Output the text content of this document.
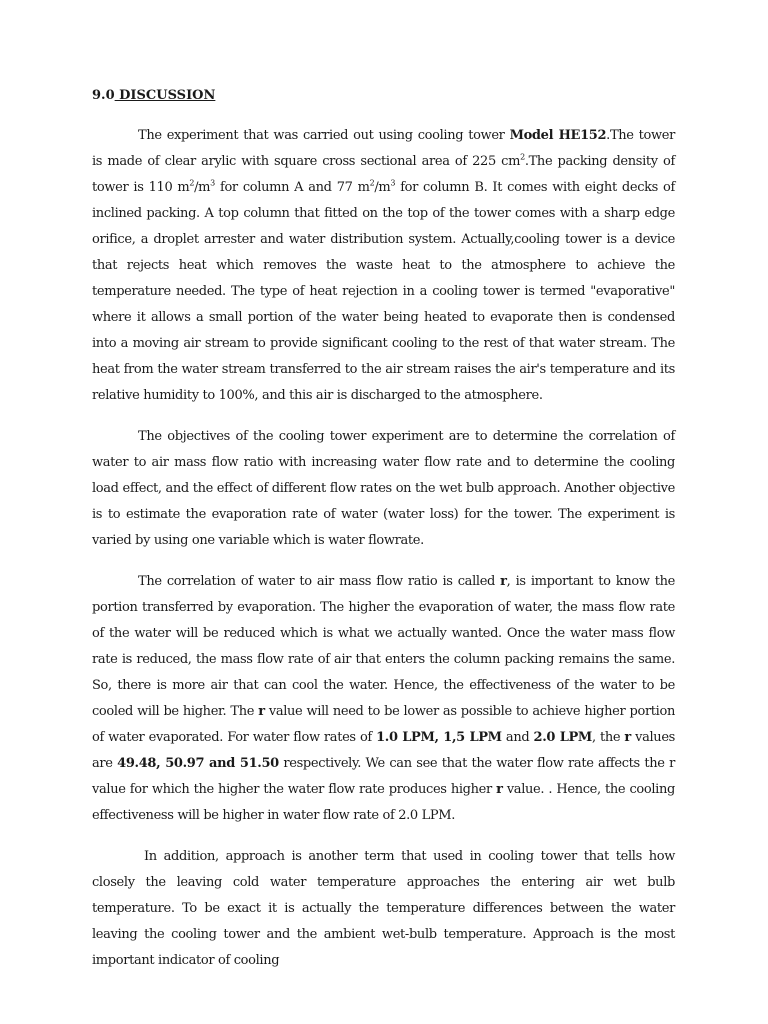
9.0 DISCUSSION

The experiment that was carried out using cooling tower Model HE152.The tower is made of clear arylic with square cross sectional area of 225 $cm^2.The$ packing density of tower is 110 $m^2/m^3$ for column A and 77 $m^2/m^3$ for column B. It comes with eight decks of inclined packing. A top column that fitted on the top of the tower comes with a sharp edge orifice, a droplet arrester and water distribution system. Actually,cooling tower is a device that rejects heat which removes the waste heat to the atmosphere to achieve the temperature needed. The type of heat rejection in a cooling tower is termed "evaporative" where it allows a small portion of the water being heated to evaporate then is condensed into a moving air stream to provide significant cooling to the rest of that water stream. The heat from the water stream transferred to the air stream raises the air's temperature and its relative humidity to 100%, and this air is discharged to the atmosphere.

The objectives of the cooling tower experiment are to determine the correlation of water to air mass flow ratio with increasing water flow rate and to determine the cooling load effect, and the effect of different flow rates on the wet bulb approach. Another objective is to estimate the evaporation rate of water (water loss) for the tower. The experiment is varied by using one variable which is water flowrate.

The correlation of water to air mass flow ratio is called r, is important to know the portion transferred by evaporation. The higher the evaporation of water, the mass flow rate of the water will be reduced which is what we actually wanted. Once the water mass flow rate is reduced, the mass flow rate of air that enters the column packing remains the same. So, there is more air that can cool the water. Hence, the effectiveness of the water to be cooled will be higher. The r value will need to be lower as possible to achieve higher portion of water evaporated. For water flow rates of 1.0 LPM, 1,5 LPM and 2.0 LPM, the r values are 49.48, 50.97 and 51.50 respectively. We can see that the water flow rate affects the r value for which the higher the water flow rate produces higher r value. . Hence, the cooling effectiveness will be higher in water flow rate of 2.0 LPM.

In addition, approach is another term that used in cooling tower that tells how closely the leaving cold water temperature approaches the entering air wet bulb temperature. To be exact it is actually the temperature differences between the water leaving the cooling tower and the ambient wet-bulb temperature. Approach is the most important indicator of cooling
